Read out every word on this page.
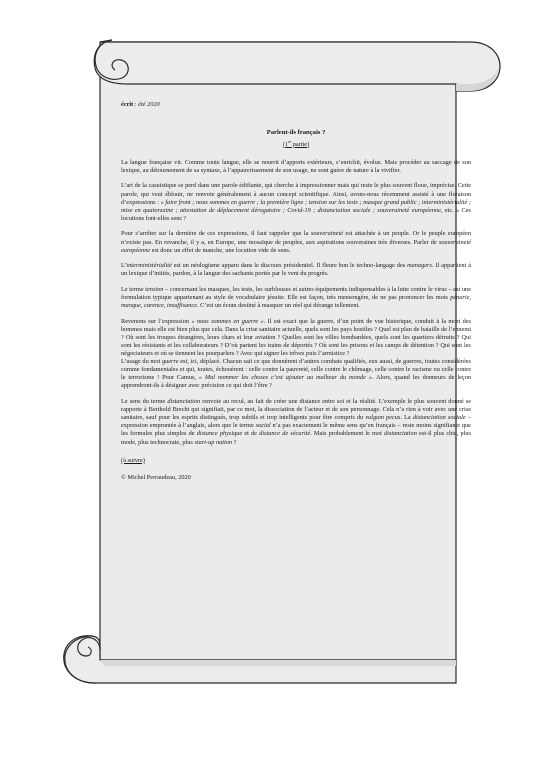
écrit : été 2020

Parlent-ils français ?
(1re partie)

La langue française vit. Comme toute langue, elle se nourrit d’apports extérieurs, s’enrichit, évolue. Mais procéder au saccage de son lexique, au détournement de sa syntaxe, à l’appauvrissement de son usage, ne sont guère de nature à la vivifier.

L’art de la casuistique se perd dans une parole édifiante, qui cherche à impressionner mais qui reste le plus souvent floue, imprécise. Cette parole, qui veut éblouir, ne renvoie généralement à aucun concept scientifique. Ainsi, avons-nous récemment assisté à une floraison d’expressions : « faire front ; nous sommes en guerre ; la première ligne ; tension sur les tests ; masque grand public ; interministérialité ; mise en quatorzaine ; attestation de déplacement dérogatoire ; Covid-19 ; distanciation sociale ; souveraineté européenne, etc. » Ces locutions font-elles sens ?

Pour s’arrêter sur la dernière de ces expressions, il faut rappeler que la souveraineté est attachée à un peuple. Or le peuple européen n’existe pas. En revanche, il y a, en Europe, une mosaïque de peuples, aux aspirations souveraines très diverses. Parler de souveraineté européenne est donc un effet de manche, une locution vide de sens.

L’interministérialité est un néologisme apparu dans le discours présidentiel. Il fleure bon le techno-langage des managers. Il appartient à un lexique d’initiés, pardon, à la langue des sachants portés par le vent du progrès.

Le terme tension – concernant les masques, les tests, les surblouses et autres équipements indispensables à la lutte contre le virus – est une formulation typique appartenant au style de vocabulaire jésuite. Elle est façon, très mensongère, de ne pas prononcer les mots pénurie, manque, carence, insuffisance. C’est un écran destiné à masquer un réel qui dérange tellement.

Revenons sur l’expression « nous sommes en guerre ». Il est exact que la guerre, d’un point de vue historique, conduit à la mort des hommes mais elle est bien plus que cela. Dans la crise sanitaire actuelle, quels sont les pays hostiles ? Quel est plan de bataille de l’ennemi ? Où sont les troupes étrangères, leurs chars et leur aviation ? Quelles sont les villes bombardées, quels sont les quartiers détruits ? Qui sont les résistants et les collaborateurs ? D’où partent les trains de déportés ? Où sont les prisons et les camps de détention ? Qui sont les négociateurs et où se tiennent les pourparlers ? Avec qui signer les trêves puis l’armistice ?
L’usage du mot guerre est, ici, déplacé. Chacun sait ce que donnèrent d’autres combats qualifiés, eux aussi, de guerres, toutes considérées comme fondamentales et qui, toutes, échouèrent : celle contre la pauvreté, celle contre le chômage, celle contre le racisme ou celle contre le terrorisme ! Pour Camus, « Mal nommer les choses c’est ajouter au malheur du monde ». Alors, quand les donneurs de leçon apprendront-ils à désigner avec précision ce qui doit l’être ?

Le sens du terme distanciation renvoie au recul, au fait de créer une distance entre soi et la réalité. L’exemple le plus souvent donné se rapporte à Berthold Brecht qui signifiait, par ce mot, la dissociation de l’acteur et de son personnage. Cela n’a rien à voir avec une crise sanitaire, sauf pour les esprits distingués, trop subtils et trop intelligents pour être compris du vulgum pecus. La distanciation sociale – expression empruntée à l’anglais, alors que le terme social n’a pas exactement le même sens qu’en français – reste moins signifiante que les formules plus simples de distance physique et de distance de sécurité. Mais probablement le mot distanciation est-il plus chic, plus mode, plus technocrate, plus start-up nation ?

(à suivre)

© Michel Perraudeau, 2020
